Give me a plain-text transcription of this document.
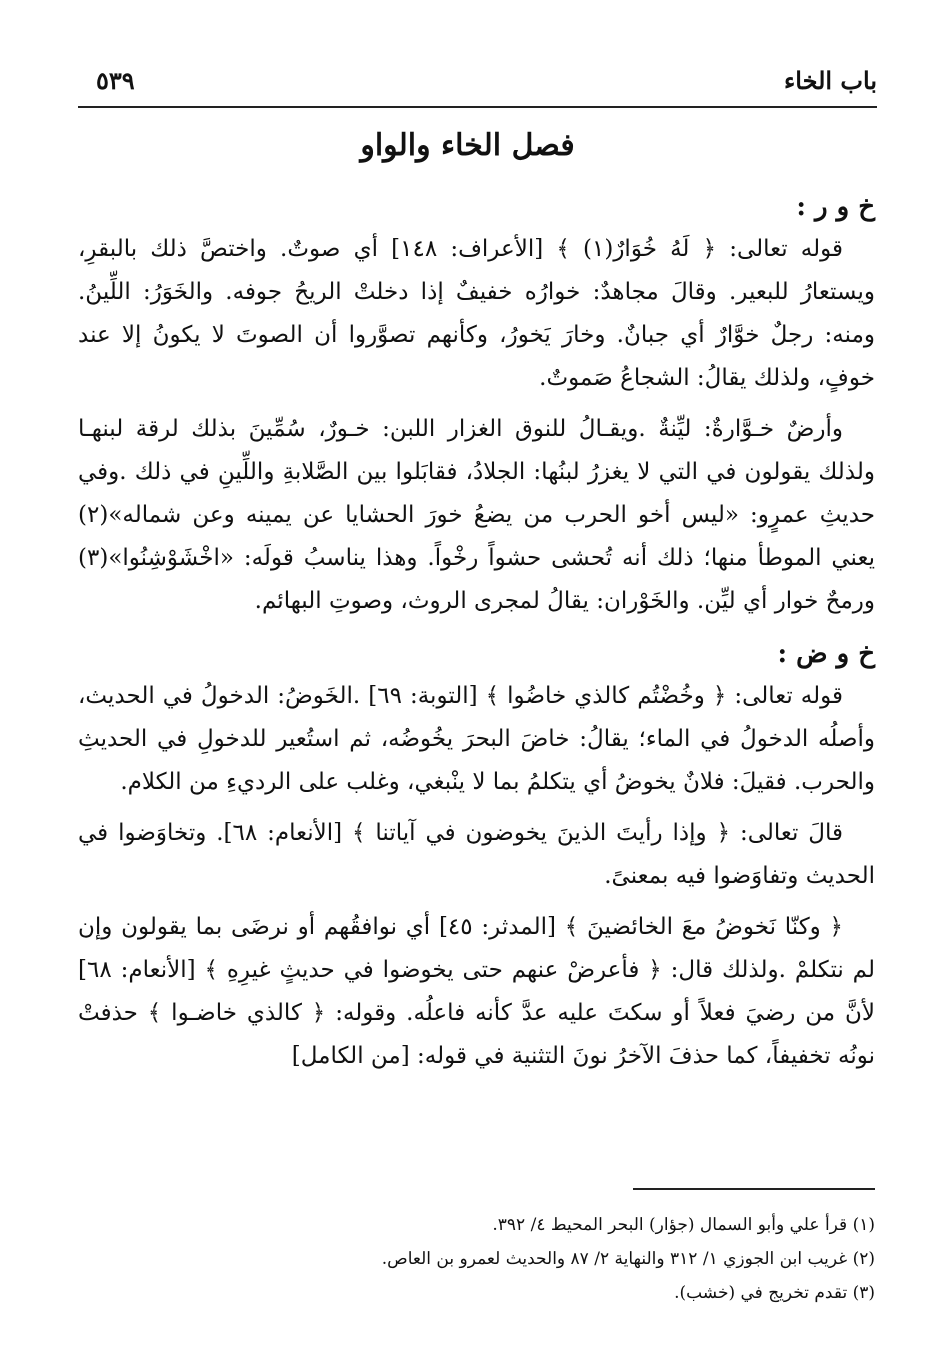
٥٣٩	باب الخاء
فصل الخاء والواو
خ و ر :

قوله تعالى: ﴿ لَهُ خُوَارٌ(١) ﴾ [الأعراف: ١٤٨] أي صوتٌ. واختصَّ ذلك بالبقرِ، ويستعارُ للبعير. وقالَ مجاهدٌ: خوارُه خفيفٌ إذا دخلتْ الريحُ جوفه. والخَوَرُ: اللِّينُ. ومنه: رجلٌ خوَّارٌ أي جبانٌ. وخارَ يَخورُ، وكأنهم تصوَّروا أن الصوتَ لا يكونُ إلا عند خوفٍ، ولذلك يقالُ: الشجاعُ صَموتٌ.

وأرضٌ خـوَّارةٌ: ليِّنةٌ .ويقـالُ للنوق الغزار اللبن: خـورٌ، سُمِّينَ بذلك لرقة لبنهـا ولذلك يقولون في التي لا يغزرُ لبنُها: الجلادُ، فقابَلوا بين الصَّلابةِ واللِّينِ في ذلك .وفي حديثِ عمرٍو: «ليس أخو الحرب من يضعُ خورَ الحشايا عن يمينه وعن شماله»(٢) يعني الموطأ منها؛ ذلك أنه تُحشى حشواً رخْواً. وهذا يناسبُ قولَه: «اخْشَوْشِنُوا»(٣) ورمحٌ خوار أي ليِّن. والخَوْران: يقالُ لمجرى الروث، وصوتِ البهائم.

خ و ض :

قوله تعالى: ﴿ وخُضْتُم كالذي خاضُوا ﴾ [التوبة: ٦٩] .الخَوضُ: الدخولُ في الحديث، وأصلُه الدخولُ في الماء؛ يقالُ: خاضَ البحرَ يخُوضُه، ثم استُعير للدخولِ في الحديثِ والحرب. فقيلَ: فلانٌ يخوضُ أي يتكلمُ بما لا ينْبغي، وغلب على الرديءِ من الكلام.

قالَ تعالى: ﴿ وإذا رأيتَ الذينَ يخوضون في آياتنا ﴾ [الأنعام: ٦٨]. وتخاوَضوا في الحديث وتفاوَضوا فيه بمعنىً.

﴿ وكنّا نَخوضُ معَ الخائضينَ ﴾ [المدثر: ٤٥] أي نوافقُهم أو نرضَى بما يقولون وإن لم نتكلمْ .ولذلك قال: ﴿ فأعرضْ عنهم حتى يخوضوا في حديثٍ غيرِهِ ﴾ [الأنعام: ٦٨] لأنَّ من رضيَ فعلاً أو سكتَ عليه عدَّ كأنه فاعلُه. وقوله: ﴿ كالذي خاضـوا ﴾ حذفتْ نونُه تخفيفاً، كما حذفَ الآخرُ نونَ التثنية في قوله: [من الكامل]

(١) قرأ علي وأبو السمال (جؤار) البحر المحيط ٤/ ٣٩٢.

(٢) غريب ابن الجوزي ١/ ٣١٢ والنهاية ٢/ ٨٧ والحديث لعمرو بن العاص.

(٣) تقدم تخريج في (خشب).
